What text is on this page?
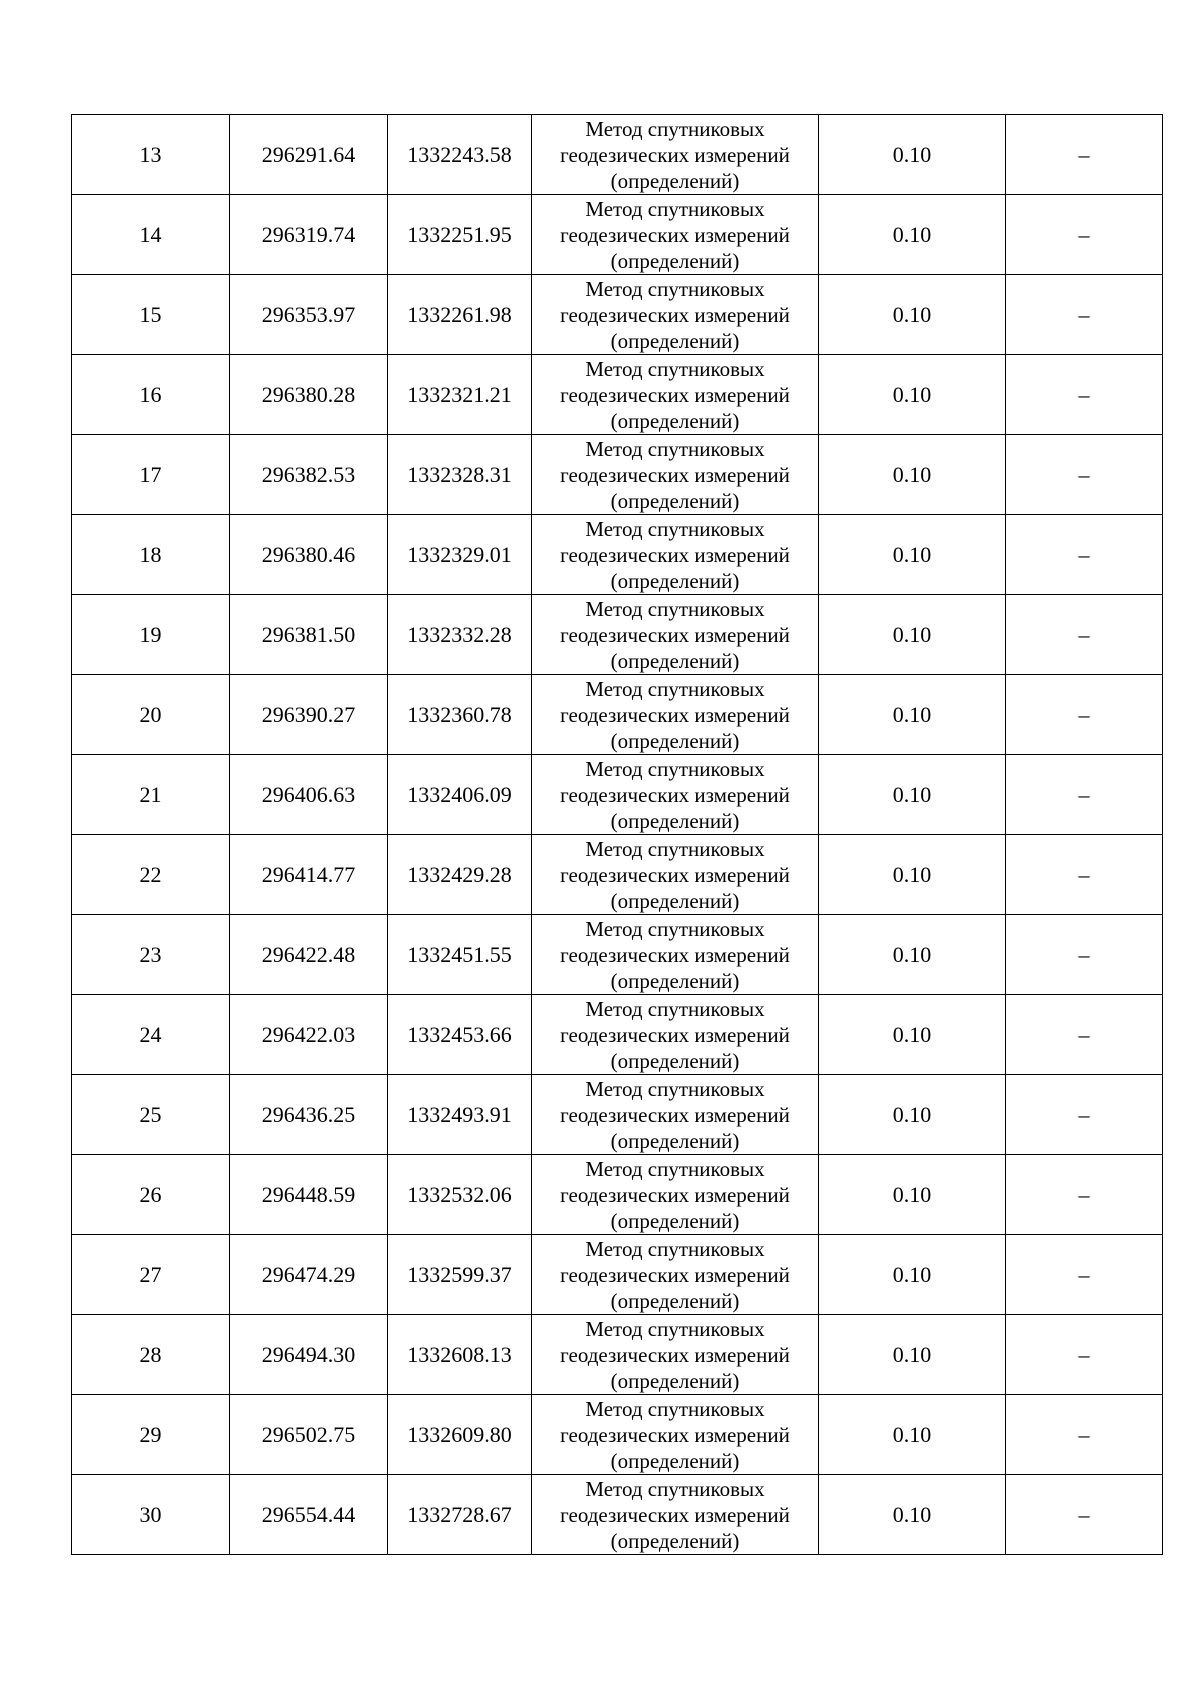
13	296291.64	1332243.58	Метод спутниковых
геодезических измерений
(определений)	0.10	–
14	296319.74	1332251.95	Метод спутниковых
геодезических измерений
(определений)	0.10	–
15	296353.97	1332261.98	Метод спутниковых
геодезических измерений
(определений)	0.10	–
16	296380.28	1332321.21	Метод спутниковых
геодезических измерений
(определений)	0.10	–
17	296382.53	1332328.31	Метод спутниковых
геодезических измерений
(определений)	0.10	–
18	296380.46	1332329.01	Метод спутниковых
геодезических измерений
(определений)	0.10	–
19	296381.50	1332332.28	Метод спутниковых
геодезических измерений
(определений)	0.10	–
20	296390.27	1332360.78	Метод спутниковых
геодезических измерений
(определений)	0.10	–
21	296406.63	1332406.09	Метод спутниковых
геодезических измерений
(определений)	0.10	–
22	296414.77	1332429.28	Метод спутниковых
геодезических измерений
(определений)	0.10	–
23	296422.48	1332451.55	Метод спутниковых
геодезических измерений
(определений)	0.10	–
24	296422.03	1332453.66	Метод спутниковых
геодезических измерений
(определений)	0.10	–
25	296436.25	1332493.91	Метод спутниковых
геодезических измерений
(определений)	0.10	–
26	296448.59	1332532.06	Метод спутниковых
геодезических измерений
(определений)	0.10	–
27	296474.29	1332599.37	Метод спутниковых
геодезических измерений
(определений)	0.10	–
28	296494.30	1332608.13	Метод спутниковых
геодезических измерений
(определений)	0.10	–
29	296502.75	1332609.80	Метод спутниковых
геодезических измерений
(определений)	0.10	–
30	296554.44	1332728.67	Метод спутниковых
геодезических измерений
(определений)	0.10	–
